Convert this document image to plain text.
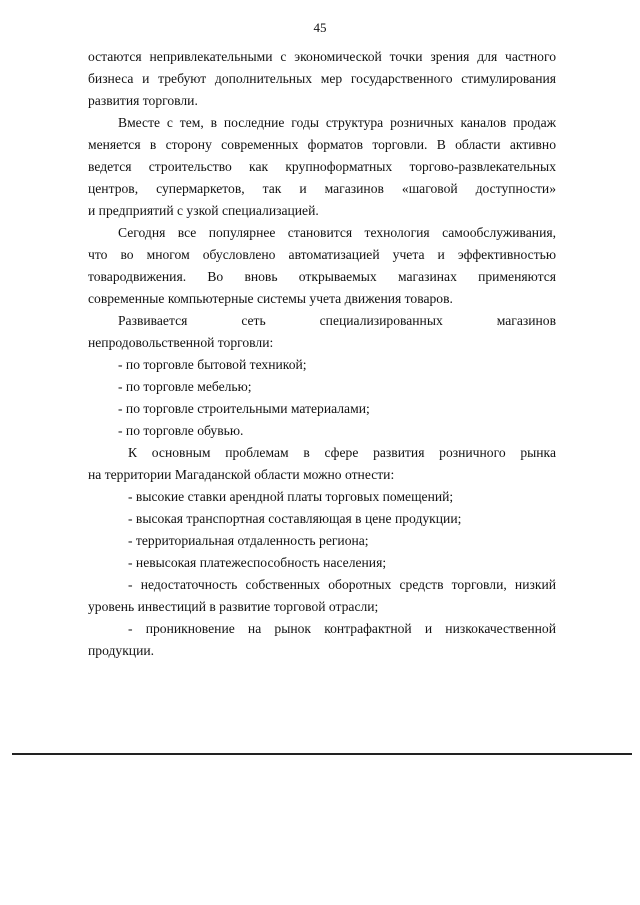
45
остаются непривлекательными с экономической точки зрения для частного
бизнеса и требуют дополнительных мер государственного стимулирования
развития торговли.
Вместе с тем, в последние годы структура розничных каналов продаж
меняется в сторону современных форматов торговли. В области активно
ведется строительство как крупноформатных торгово-развлекательных
центров, супермаркетов, так и магазинов «шаговой доступности»
и предприятий с узкой специализацией.
Сегодня все популярнее становится технология самообслуживания,
что во многом обусловлено автоматизацией учета и эффективностью
товародвижения. Во вновь открываемых магазинах применяются
современные компьютерные системы учета движения товаров.
Развивается сеть специализированных магазинов
непродовольственной торговли:
- по торговле бытовой техникой;
- по торговле мебелью;
- по торговле строительными материалами;
- по торговле обувью.
К основным проблемам в сфере развития розничного рынка
на территории Магаданской области можно отнести:
- высокие ставки арендной платы торговых помещений;
- высокая транспортная составляющая в цене продукции;
- территориальная отдаленность региона;
- невысокая платежеспособность населения;
- недостаточность собственных оборотных средств торговли, низкий
уровень инвестиций в развитие торговой отрасли;
- проникновение на рынок контрафактной и низкокачественной
продукции.
